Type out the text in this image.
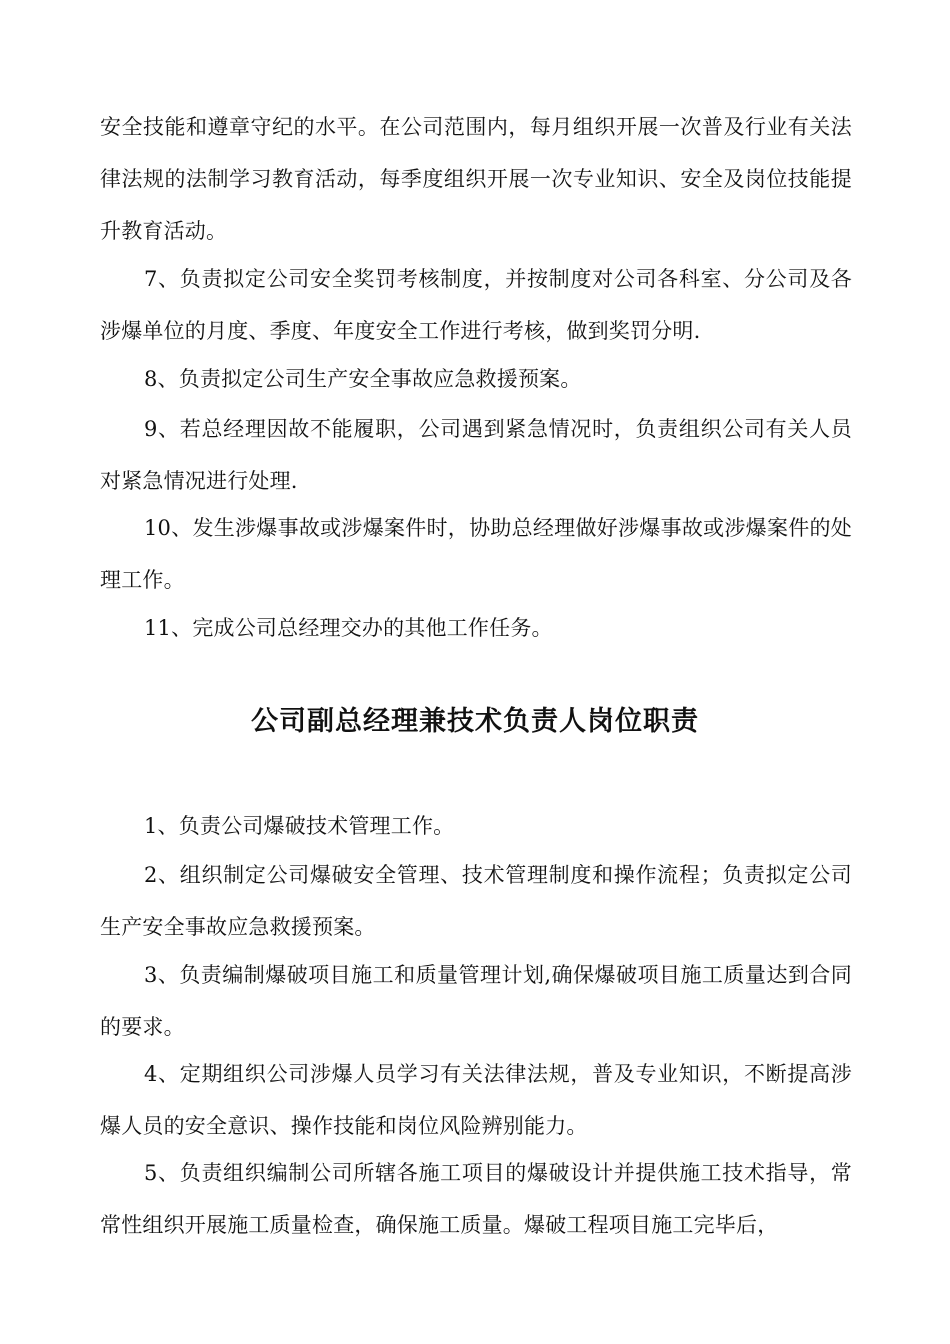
安全技能和遵章守纪的水平。在公司范围内，每月组织开展一次普及行业有关法律法规的法制学习教育活动，每季度组织开展一次专业知识、安全及岗位技能提升教育活动。

7、负责拟定公司安全奖罚考核制度，并按制度对公司各科室、分公司及各涉爆单位的月度、季度、年度安全工作进行考核，做到奖罚分明.

8、负责拟定公司生产安全事故应急救援预案。

9、若总经理因故不能履职，公司遇到紧急情况时，负责组织公司有关人员对紧急情况进行处理.

10、发生涉爆事故或涉爆案件时，协助总经理做好涉爆事故或涉爆案件的处理工作。

11、完成公司总经理交办的其他工作任务。

公司副总经理兼技术负责人岗位职责

1、负责公司爆破技术管理工作。

2、组织制定公司爆破安全管理、技术管理制度和操作流程；负责拟定公司生产安全事故应急救援预案。

3、负责编制爆破项目施工和质量管理计划,确保爆破项目施工质量达到合同的要求。

4、定期组织公司涉爆人员学习有关法律法规，普及专业知识，不断提高涉爆人员的安全意识、操作技能和岗位风险辨别能力。

5、负责组织编制公司所辖各施工项目的爆破设计并提供施工技术指导，常常性组织开展施工质量检查，确保施工质量。爆破工程项目施工完毕后，
